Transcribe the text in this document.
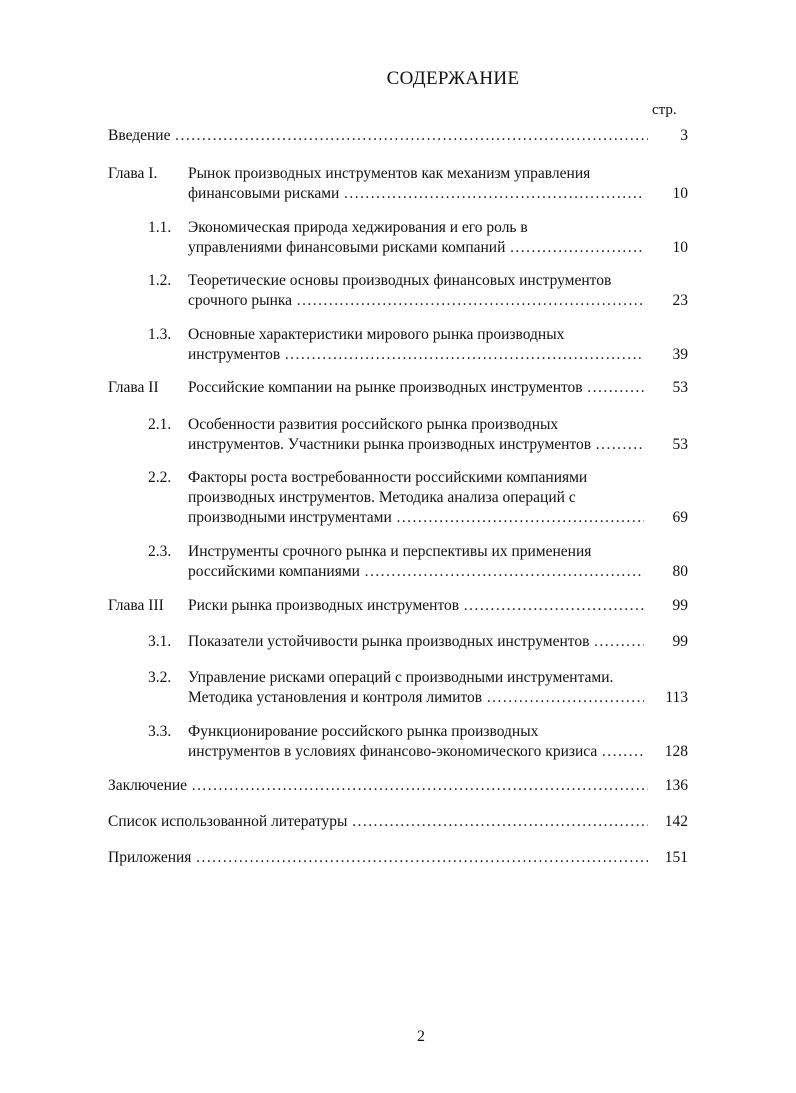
СОДЕРЖАНИЕ
стр.
Введение . . .	3
Глава I. Рынок производных инструментов как механизм управления
финансовыми рисками . . .	10
1.1. Экономическая природа хеджирования и его роль в
управлениями финансовыми рисками компаний . . .	10
1.2. Теоретические основы производных финансовых инструментов
срочного рынка . . .	23
1.3. Основные характеристики мирового рынка производных
инструментов . . .	39
Глава II Российские компании на рынке производных инструментов . . .	53
2.1. Особенности развития российского рынка производных
инструментов. Участники рынка производных инструментов . . .	53
2.2. Факторы роста востребованности российскими компаниями
производных инструментов. Методика анализа операций с
производными инструментами . . .	69
2.3. Инструменты срочного рынка и перспективы их применения
российскими компаниями . . .	80
Глава III Риски рынка производных инструментов . . .	99
3.1. Показатели устойчивости рынка производных инструментов . . .	99
3.2. Управление рисками операций с производными инструментами.
Методика установления и контроля лимитов . . .	113
3.3. Функционирование российского рынка производных
инструментов в условиях финансово-экономического кризиса . . .	128
Заключение . . .	136
Список использованной литературы . . .	142
Приложения . . .	151
2
